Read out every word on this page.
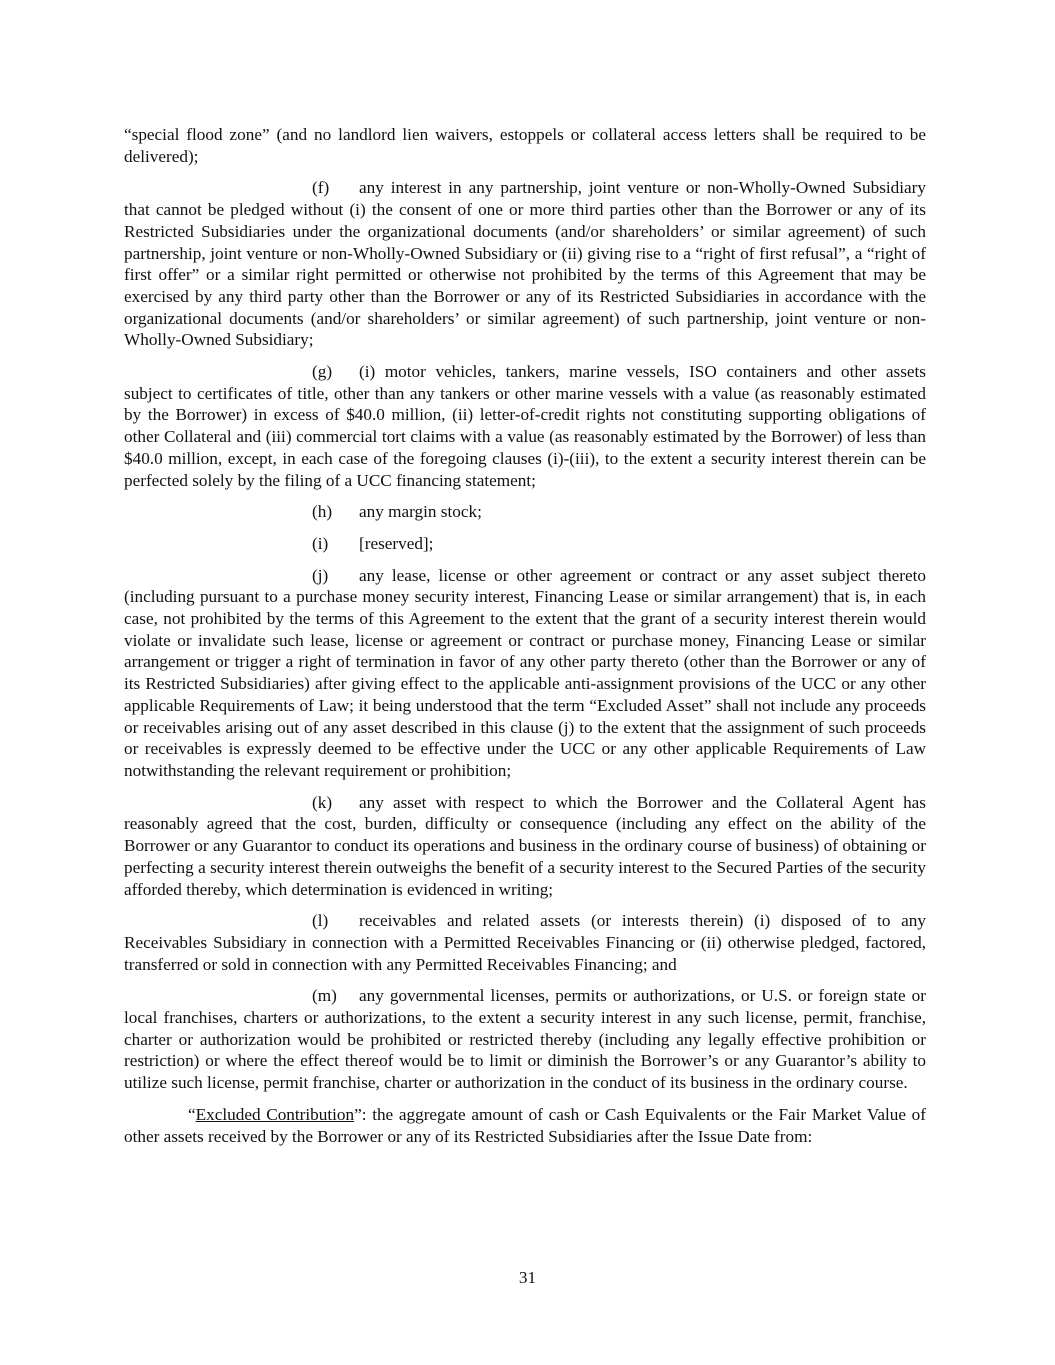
“special flood zone” (and no landlord lien waivers, estoppels or collateral access letters shall be required to be delivered);

(f) any interest in any partnership, joint venture or non-Wholly-Owned Subsidiary that cannot be pledged without (i) the consent of one or more third parties other than the Borrower or any of its Restricted Subsidiaries under the organizational documents (and/or shareholders’ or similar agreement) of such partnership, joint venture or non-Wholly-Owned Subsidiary or (ii) giving rise to a “right of first refusal”, a “right of first offer” or a similar right permitted or otherwise not prohibited by the terms of this Agreement that may be exercised by any third party other than the Borrower or any of its Restricted Subsidiaries in accordance with the organizational documents (and/or shareholders’ or similar agreement) of such partnership, joint venture or non-Wholly-Owned Subsidiary;

(g) (i) motor vehicles, tankers, marine vessels, ISO containers and other assets subject to certificates of title, other than any tankers or other marine vessels with a value (as reasonably estimated by the Borrower) in excess of $40.0 million, (ii) letter-of-credit rights not constituting supporting obligations of other Collateral and (iii) commercial tort claims with a value (as reasonably estimated by the Borrower) of less than $40.0 million, except, in each case of the foregoing clauses (i)-(iii), to the extent a security interest therein can be perfected solely by the filing of a UCC financing statement;

(h) any margin stock;

(i) [reserved];

(j) any lease, license or other agreement or contract or any asset subject thereto (including pursuant to a purchase money security interest, Financing Lease or similar arrangement) that is, in each case, not prohibited by the terms of this Agreement to the extent that the grant of a security interest therein would violate or invalidate such lease, license or agreement or contract or purchase money, Financing Lease or similar arrangement or trigger a right of termination in favor of any other party thereto (other than the Borrower or any of its Restricted Subsidiaries) after giving effect to the applicable anti-assignment provisions of the UCC or any other applicable Requirements of Law; it being understood that the term “Excluded Asset” shall not include any proceeds or receivables arising out of any asset described in this clause (j) to the extent that the assignment of such proceeds or receivables is expressly deemed to be effective under the UCC or any other applicable Requirements of Law notwithstanding the relevant requirement or prohibition;

(k) any asset with respect to which the Borrower and the Collateral Agent has reasonably agreed that the cost, burden, difficulty or consequence (including any effect on the ability of the Borrower or any Guarantor to conduct its operations and business in the ordinary course of business) of obtaining or perfecting a security interest therein outweighs the benefit of a security interest to the Secured Parties of the security afforded thereby, which determination is evidenced in writing;

(l) receivables and related assets (or interests therein) (i) disposed of to any Receivables Subsidiary in connection with a Permitted Receivables Financing or (ii) otherwise pledged, factored, transferred or sold in connection with any Permitted Receivables Financing; and

(m) any governmental licenses, permits or authorizations, or U.S. or foreign state or local franchises, charters or authorizations, to the extent a security interest in any such license, permit, franchise, charter or authorization would be prohibited or restricted thereby (including any legally effective prohibition or restriction) or where the effect thereof would be to limit or diminish the Borrower’s or any Guarantor’s ability to utilize such license, permit franchise, charter or authorization in the conduct of its business in the ordinary course.

“Excluded Contribution”: the aggregate amount of cash or Cash Equivalents or the Fair Market Value of other assets received by the Borrower or any of its Restricted Subsidiaries after the Issue Date from:

31
